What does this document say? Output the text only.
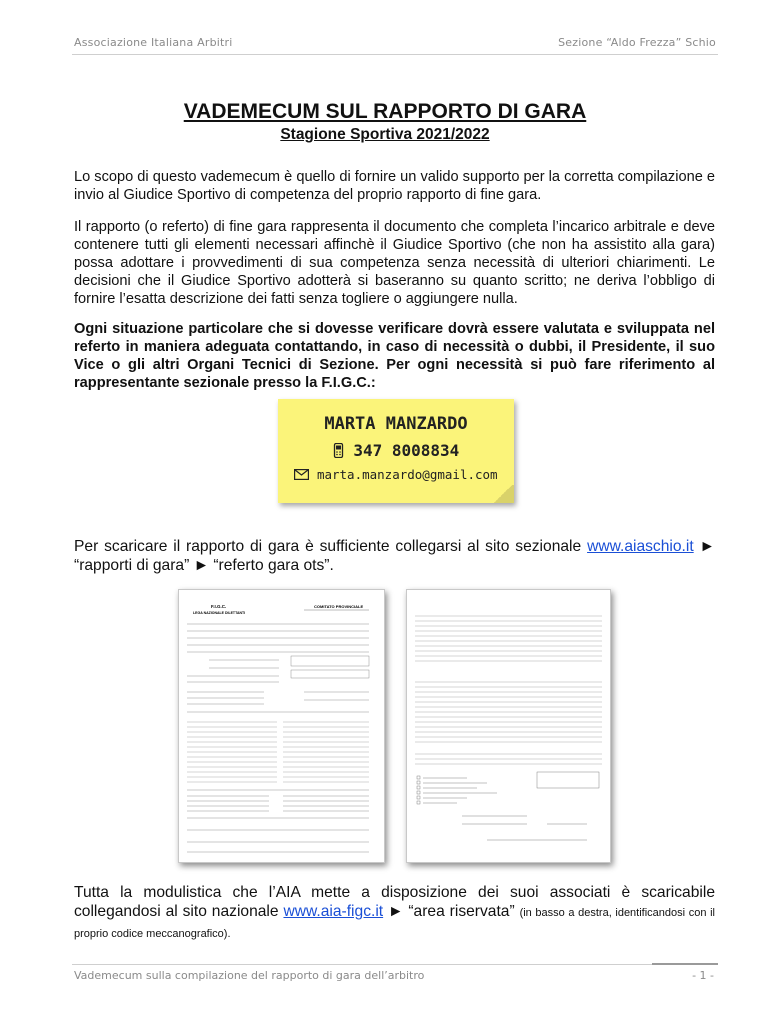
Associazione Italiana Arbitri	Sezione “Aldo Frezza” Schio
VADEMECUM SUL RAPPORTO DI GARA
Stagione Sportiva 2021/2022
Lo scopo di questo vademecum è quello di fornire un valido supporto per la corretta compilazione e invio al Giudice Sportivo di competenza del proprio rapporto di fine gara.
Il rapporto (o referto) di fine gara rappresenta il documento che completa l’incarico arbitrale e deve contenere tutti gli elementi necessari affinchè il Giudice Sportivo (che non ha assistito alla gara) possa adottare i provvedimenti di sua competenza senza necessità di ulteriori chiarimenti. Le decisioni che il Giudice Sportivo adotterà si baseranno su quanto scritto; ne deriva l’obbligo di fornire l’esatta descrizione dei fatti senza togliere o aggiungere nulla.
Ogni situazione particolare che si dovesse verificare dovrà essere valutata e sviluppata nel referto in maniera adeguata contattando, in caso di necessità o dubbi, il Presidente, il suo Vice o gli altri Organi Tecnici di Sezione. Per ogni necessità si può fare riferimento al rappresentante sezionale presso la F.I.G.C.:
MARTA MANZARDO
347 8008834
marta.manzardo@gmail.com
Per scaricare il rapporto di gara è sufficiente collegarsi al sito sezionale www.aiaschio.it ► “rapporti di gara” ► “referto gara ots”.
F.I.G.C.
LEGA NAZIONALE DILETTANTI
COMITATO PROVINCIALE
Tutta la modulistica che l’AIA mette a disposizione dei suoi associati è scaricabile collegandosi al sito nazionale www.aia-figc.it ► “area riservata” (in basso a destra, identificandosi con il proprio codice meccanografico).
Vademecum sulla compilazione del rapporto di gara dell’arbitro	- 1 -
